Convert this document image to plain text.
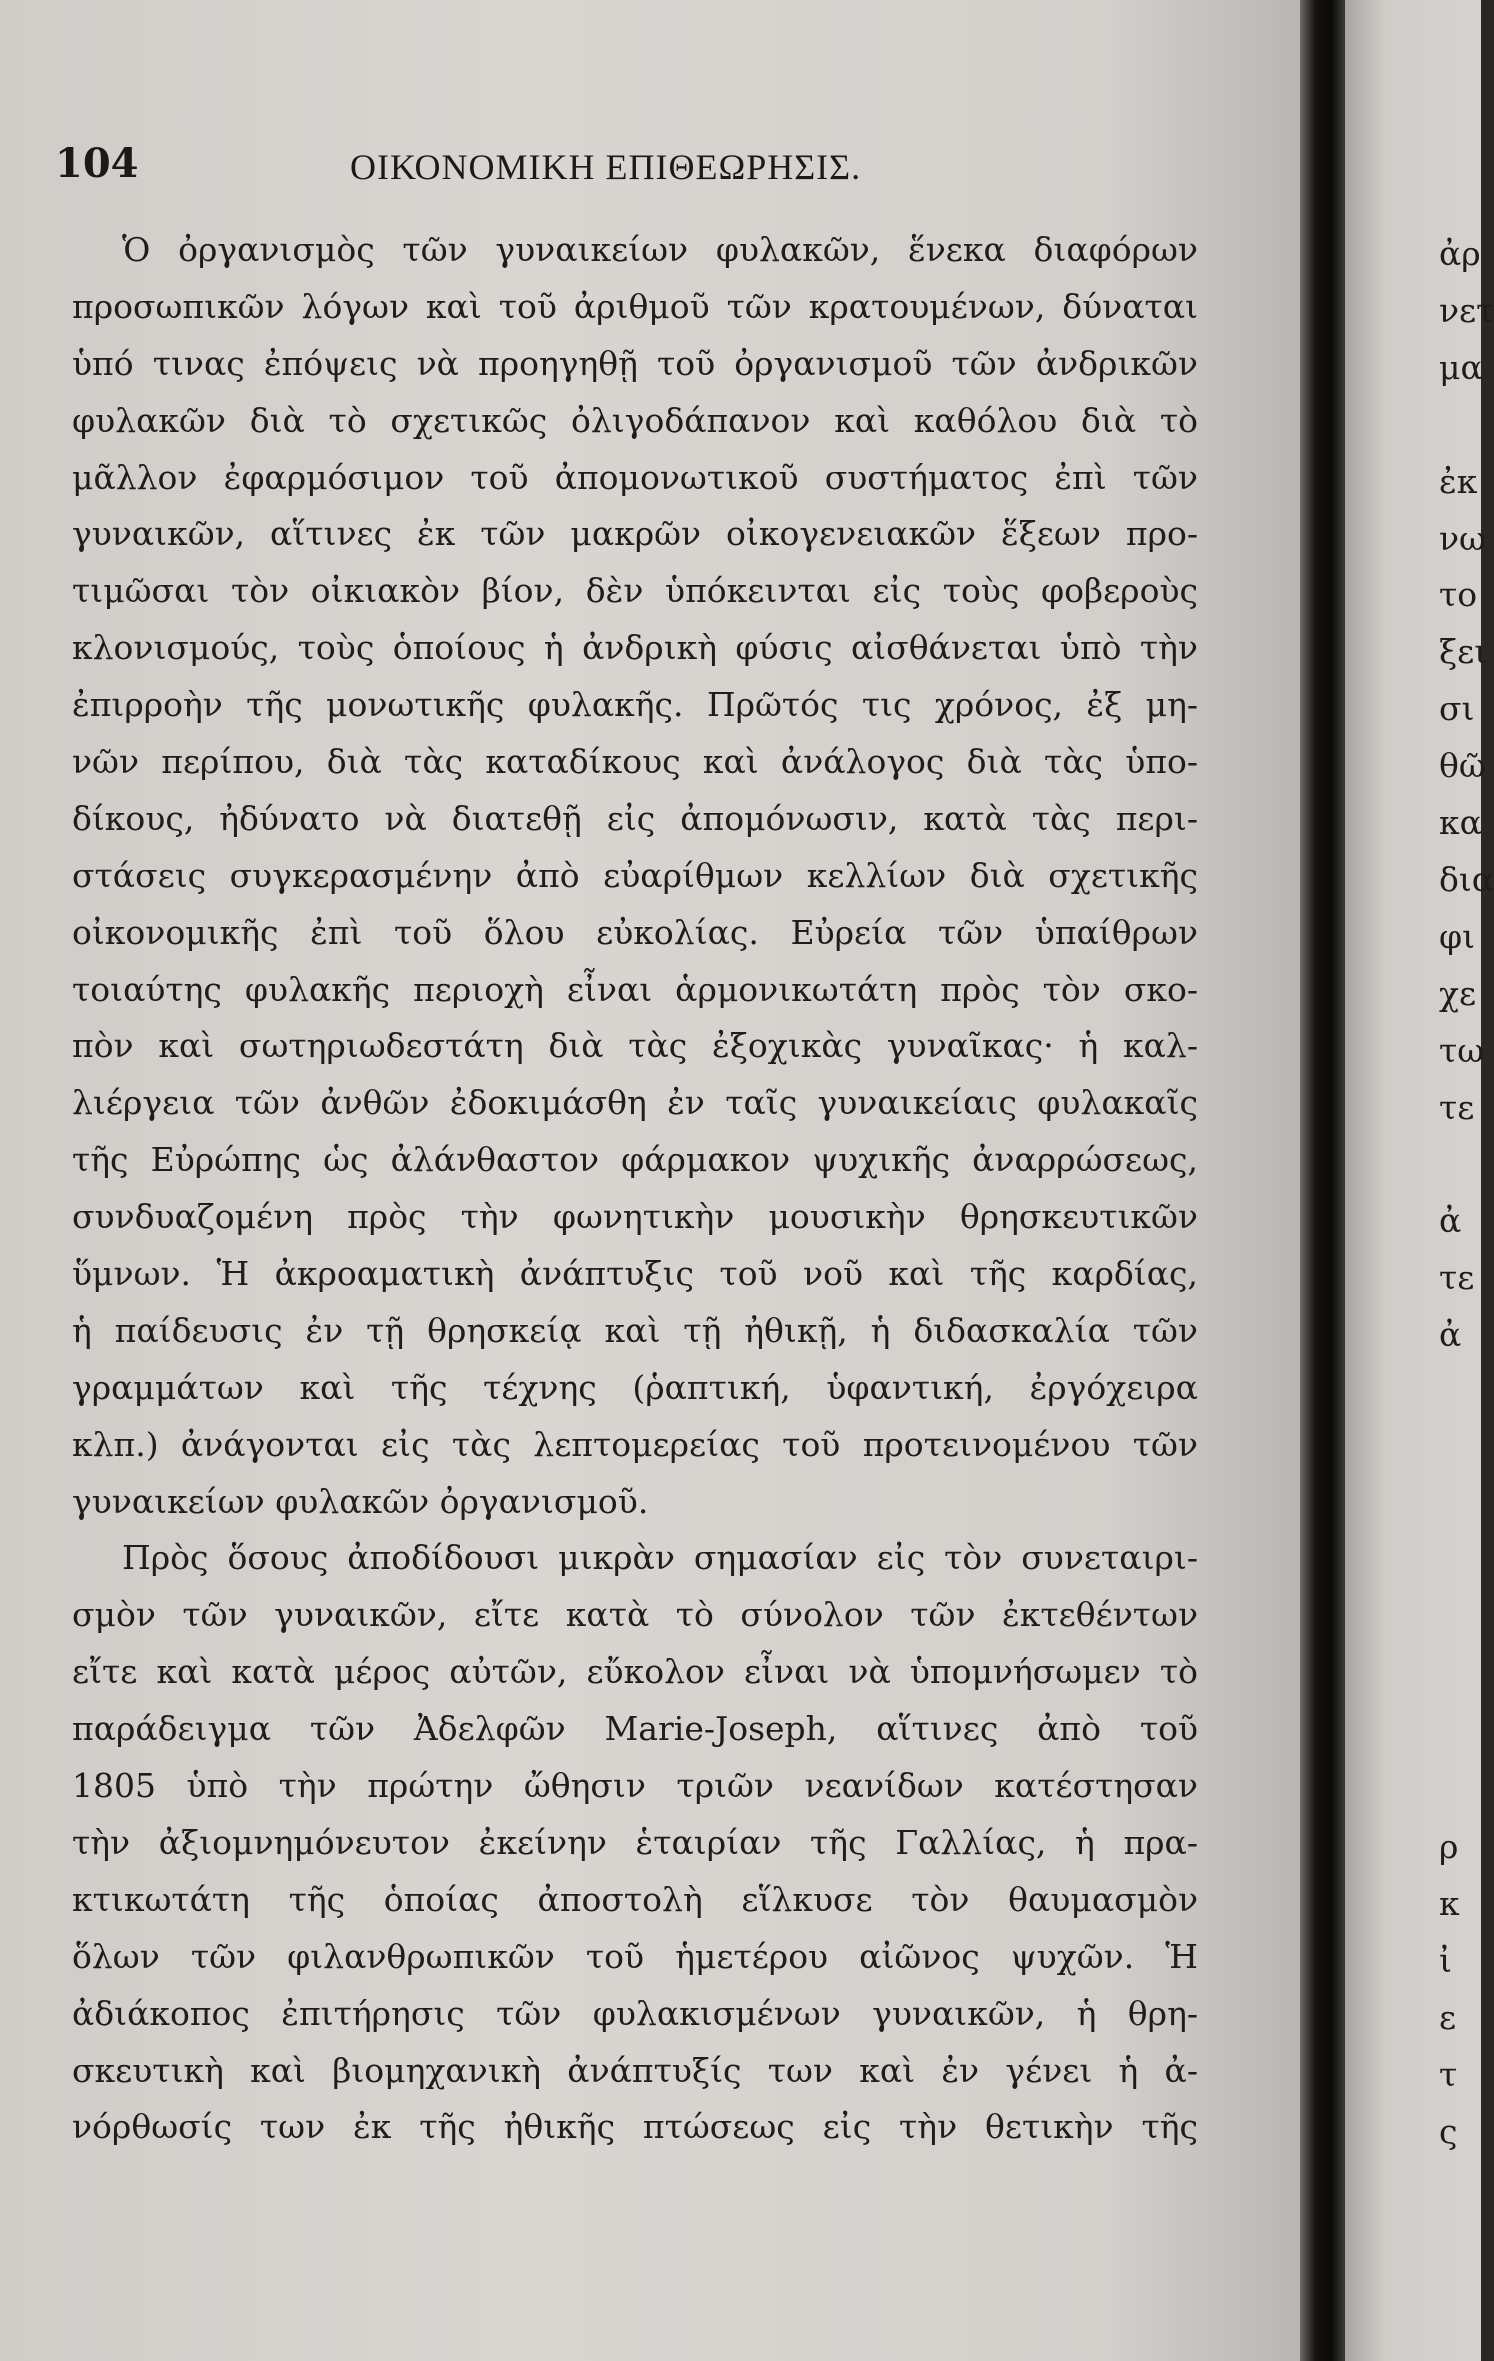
104	ΟΙΚΟΝΟΜΙΚΗ ΕΠΙΘΕΩΡΗΣΙΣ.
Ὁ ὀργανισμὸς τῶν γυναικείων φυλακῶν, ἕνεκα διαφόρων
προσωπικῶν λόγων καὶ τοῦ ἀριθμοῦ τῶν κρατουμένων, δύναται
ὑπό τινας ἐπόψεις νὰ προηγηθῇ τοῦ ὀργανισμοῦ τῶν ἀνδρικῶν
φυλακῶν διὰ τὸ σχετικῶς ὀλιγοδάπανον καὶ καθόλου διὰ τὸ
μᾶλλον ἐφαρμόσιμον τοῦ ἀπομονωτικοῦ συστήματος ἐπὶ τῶν
γυναικῶν, αἵτινες ἐκ τῶν μακρῶν οἰκογενειακῶν ἕξεων προ-
τιμῶσαι τὸν οἰκιακὸν βίον, δὲν ὑπόκεινται εἰς τοὺς φοβεροὺς
κλονισμούς, τοὺς ὁποίους ἡ ἀνδρικὴ φύσις αἰσθάνεται ὑπὸ τὴν
ἐπιρροὴν τῆς μονωτικῆς φυλακῆς. Πρῶτός τις χρόνος, ἐξ μη-
νῶν περίπου, διὰ τὰς καταδίκους καὶ ἀνάλογος διὰ τὰς ὑπο-
δίκους, ἠδύνατο νὰ διατεθῇ εἰς ἀπομόνωσιν, κατὰ τὰς περι-
στάσεις συγκερασμένην ἀπὸ εὐαρίθμων κελλίων διὰ σχετικῆς
οἰκονομικῆς ἐπὶ τοῦ ὅλου εὐκολίας. Εὐρεία τῶν ὑπαίθρων
τοιαύτης φυλακῆς περιοχὴ εἶναι ἁρμονικωτάτη πρὸς τὸν σκο-
πὸν καὶ σωτηριωδεστάτη διὰ τὰς ἐξοχικὰς γυναῖκας· ἡ καλ-
λιέργεια τῶν ἀνθῶν ἐδοκιμάσθη ἐν ταῖς γυναικείαις φυλακαῖς
τῆς Εὐρώπης ὡς ἀλάνθαστον φάρμακον ψυχικῆς ἀναρρώσεως,
συνδυαζομένη πρὸς τὴν φωνητικὴν μουσικὴν θρησκευτικῶν
ὕμνων. Ἡ ἀκροαματικὴ ἀνάπτυξις τοῦ νοῦ καὶ τῆς καρδίας,
ἡ παίδευσις ἐν τῇ θρησκείᾳ καὶ τῇ ἠθικῇ, ἡ διδασκαλία τῶν
γραμμάτων καὶ τῆς τέχνης (ῥαπτική, ὑφαντική, ἐργόχειρα
κλπ.) ἀνάγονται εἰς τὰς λεπτομερείας τοῦ προτεινομένου τῶν
γυναικείων φυλακῶν ὀργανισμοῦ.
Πρὸς ὅσους ἀποδίδουσι μικρὰν σημασίαν εἰς τὸν συνεταιρι-
σμὸν τῶν γυναικῶν, εἴτε κατὰ τὸ σύνολον τῶν ἐκτεθέντων
εἴτε καὶ κατὰ μέρος αὐτῶν, εὔκολον εἶναι νὰ ὑπομνήσωμεν τὸ
παράδειγμα τῶν Ἀδελφῶν Marie-Joseph, αἵτινες ἀπὸ τοῦ
1805 ὑπὸ τὴν πρώτην ὤθησιν τριῶν νεανίδων κατέστησαν
τὴν ἀξιομνημόνευτον ἐκείνην ἑταιρίαν τῆς Γαλλίας, ἡ πρα-
κτικωτάτη τῆς ὁποίας ἀποστολὴ εἵλκυσε τὸν θαυμασμὸν
ὅλων τῶν φιλανθρωπικῶν τοῦ ἡμετέρου αἰῶνος ψυχῶν. Ἡ
ἀδιάκοπος ἐπιτήρησις τῶν φυλακισμένων γυναικῶν, ἡ θρη-
σκευτικὴ καὶ βιομηχανικὴ ἀνάπτυξίς των καὶ ἐν γένει ἡ ἀ-
νόρθωσίς των ἐκ τῆς ἠθικῆς πτώσεως εἰς τὴν θετικὴν τῆς
ἀρ
νετ
μα
ἐκ
νω
το
ξει
σι
θῶ
κα
δια
φι
χε
τω
τε
ἀ
τε
ἀ
ρ
κ
ἰ
ε
τ
ς
